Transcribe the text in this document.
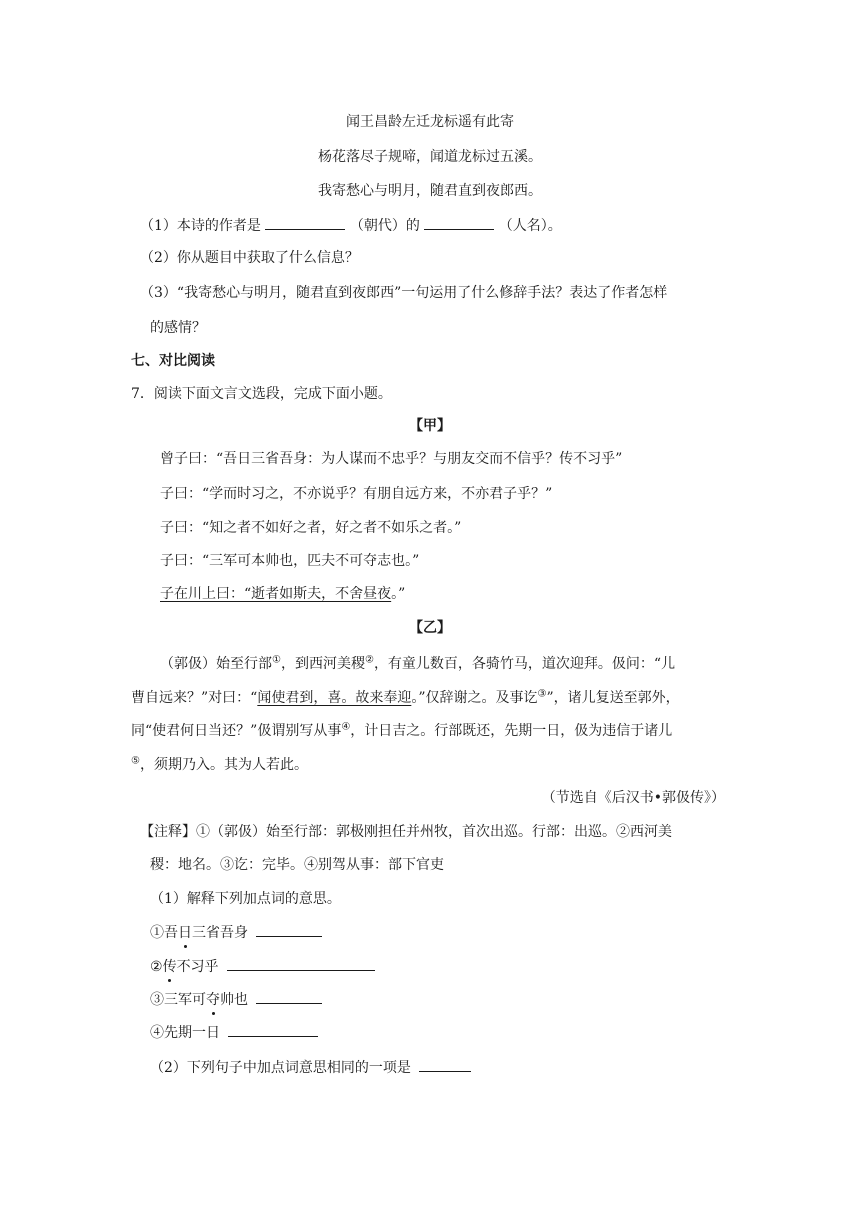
闻王昌龄左迁龙标遥有此寄
杨花落尽子规啼，闻道龙标过五溪。
我寄愁心与明月，随君直到夜郎西。
（1）本诗的作者是	（朝代）的	（人名）。
（2）你从题目中获取了什么信息？
（3）“我寄愁心与明月，随君直到夜郎西”一句运用了什么修辞手法？表达了作者怎样
的感情？
七、对比阅读
7．阅读下面文言文选段，完成下面小题。
【甲】
曾子曰：“吾日三省吾身：为人谋而不忠乎？与朋友交而不信乎？传不习乎”
子曰：“学而时习之，不亦说乎？有朋自远方来，不亦君子乎？”
子曰：“知之者不如好之者，好之者不如乐之者。”
子曰：“三军可本帅也，匹夫不可夺志也。”
子在川上曰：“逝者如斯夫，不舍昼夜。”
【乙】
（郭伋）始至行部①，到西河美稷②，有童儿数百，各骑竹马，道次迎拜。伋问：“儿
曹自远来？”对曰：“闻使君到，喜。故来奉迎。”仅辞谢之。及事讫③”，诸儿复送至郭外，
同“使君何日当还？”伋谓别写从事④，计日吉之。行部既还，先期一日，伋为违信于诸儿
⑤，须期乃入。其为人若此。
（节选自《后汉书•郭伋传》）
【注释】①（郭伋）始至行部：郭极刚担任并州牧，首次出巡。行部：出巡。②西河美
稷：地名。③讫：完毕。④别驾从事：部下官吏
（1）解释下列加点词的意思。
①吾日三省吾身
②传不习乎
③三军可夺帅也
④先期一日
（2）下列句子中加点词意思相同的一项是
